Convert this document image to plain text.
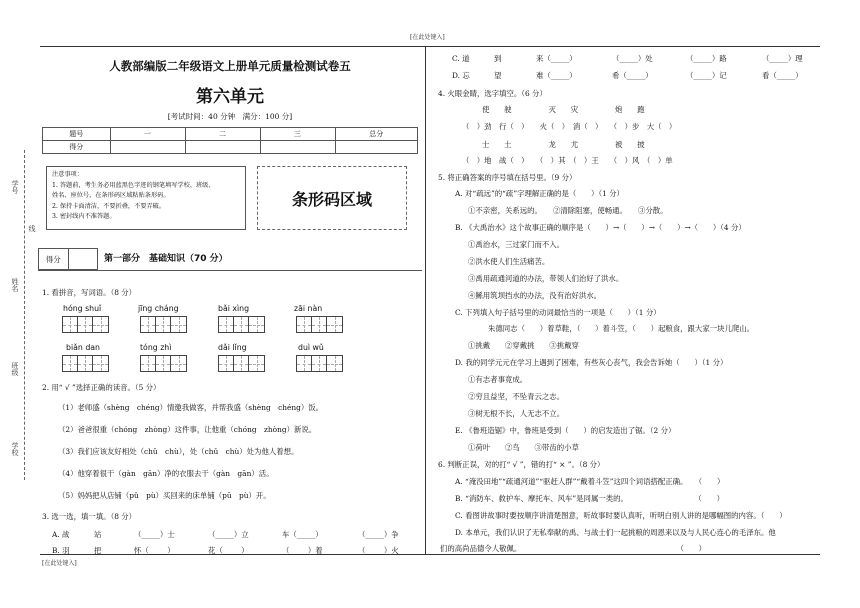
[在此处键入]
[在此处键入]
学号
线
姓名
班级
学校
人教部编版二年级语文上册单元质量检测试卷五
第六单元
[考试时间：40 分钟　满分：100 分]
题号	一	二	三	总分
得分				
注意事项：
1. 答题前，考生务必用蓝黑色字迹的钢笔填写学校、班级、
姓名、座位号，在条形码区域粘贴条形码。
2. 保持卡面清洁，不要折叠，不要弄破。
3. 密封线内不准答题。
条形码区域
得分	第一部分　基础知识（70 分）
1. 看拼音，写词语。（8 分）
hóng shuǐ	jīng cháng	bǎi xìng	zāi nàn
biǎn dan	tóng zhì	dǎi lǐng	duì wǔ
2. 用“ √ ”选择正确的读音。（5 分）
（1）老师盛（shèng　chéng）情邀我做客，并帮我盛（shèng　chéng）饭。
（2）爸爸很重（chóng　zhòng）这件事，让他重（chóng　zhòng）新说。
（3）我们应该友好相处（chǔ　chù），处（chǔ　chù）处为他人着想。
（4）他穿着很干（gàn　gān）净的衣服去干（gàn　gān）活。
（5）妈妈把从店铺（pǔ　pù）买回来的床单铺（pū　pù）开。
3. 选一选，填一填。（8 分）
A. 战	站	（_____）士	（_____）立	车（_____）	（_____）争
B. 羽	把	怀（_____）	花（_____）	（_____）着	（_____）火
C. 道	到	来（_____）	（_____）处	（_____）路	（_____）理
D. 忘	望	难（_____）	希（_____）	（_____）记	看（_____）
4. 火眼金睛，选字填空。（6 分）
使　　驶　　　　　灭　　灾　　　　　炮　　跑
（　）劲　行（　）　　火（　）　消（　）　　（　）步　大（　）
士　　土　　　　　龙　　尤　　　　　被　　披
（　）地　战（　）　　（　）其　（　）王　　（　）风　（　）单
5. 将正确答案的序号填在括号里。（9 分）
A. 对“疏远”的“疏”字理解正确的是（　　）（1 分）
①不亲密，关系远的。　　②清除阻塞，使畅通。　　③分散。
B. 《大禹治水》这个故事正确的顺序是（　　）→（　　）→（　　）→（　　）（4 分）
①禹治水，三过家门而不入。
②洪水使人们生活痛苦。
③禹用疏通河道的办法，带领人们治好了洪水。
④鲧用筑坝挡水的办法，没有治好洪水。
C. 下列填入句子括号里的动词最恰当的一项是（　　）（1 分）
朱德同志（　　）着草鞋，（　　）着斗笠，（　　）起粮食，跟大家一块儿爬山。
①挑戴　　②穿戴挑　　③挑戴穿
D. 我的同学元元在学习上遇到了困难，有些灰心丧气，我会告诉她（　　）（1 分）
①有志者事竟成。
②穷且益坚，不坠青云之志。
③树无根不长，人无志不立。
E. 《鲁班造锯》中，鲁班是受到（　　）的启发造出了锯。（2 分）
①荷叶　　②鸟　　③带齿的小草
6. 判断正误，对的打“ √ ”，错的打“ × ”。（8 分）
A. “淹没田地”“疏通河道”“驱赶人群”“戴着斗笠”这四个词语搭配正确。　　（　　）
B. “消防车、救护车、摩托车、风车”是同属一类的。　　　　　　　　　　（　　）
C. 看图讲故事时要按顺序讲清楚图意，听故事时要认真听，听明白别人讲的是哪幅图的内容。（　　）
D. 本单元，我们认识了无私奉献的禹、与战士们一起挑粮的周恩来以及与人民心连心的毛泽东。他
们的高尚品德令人敬佩。　　　　　　　　　　　　　　　　　　　　　　（　　）
